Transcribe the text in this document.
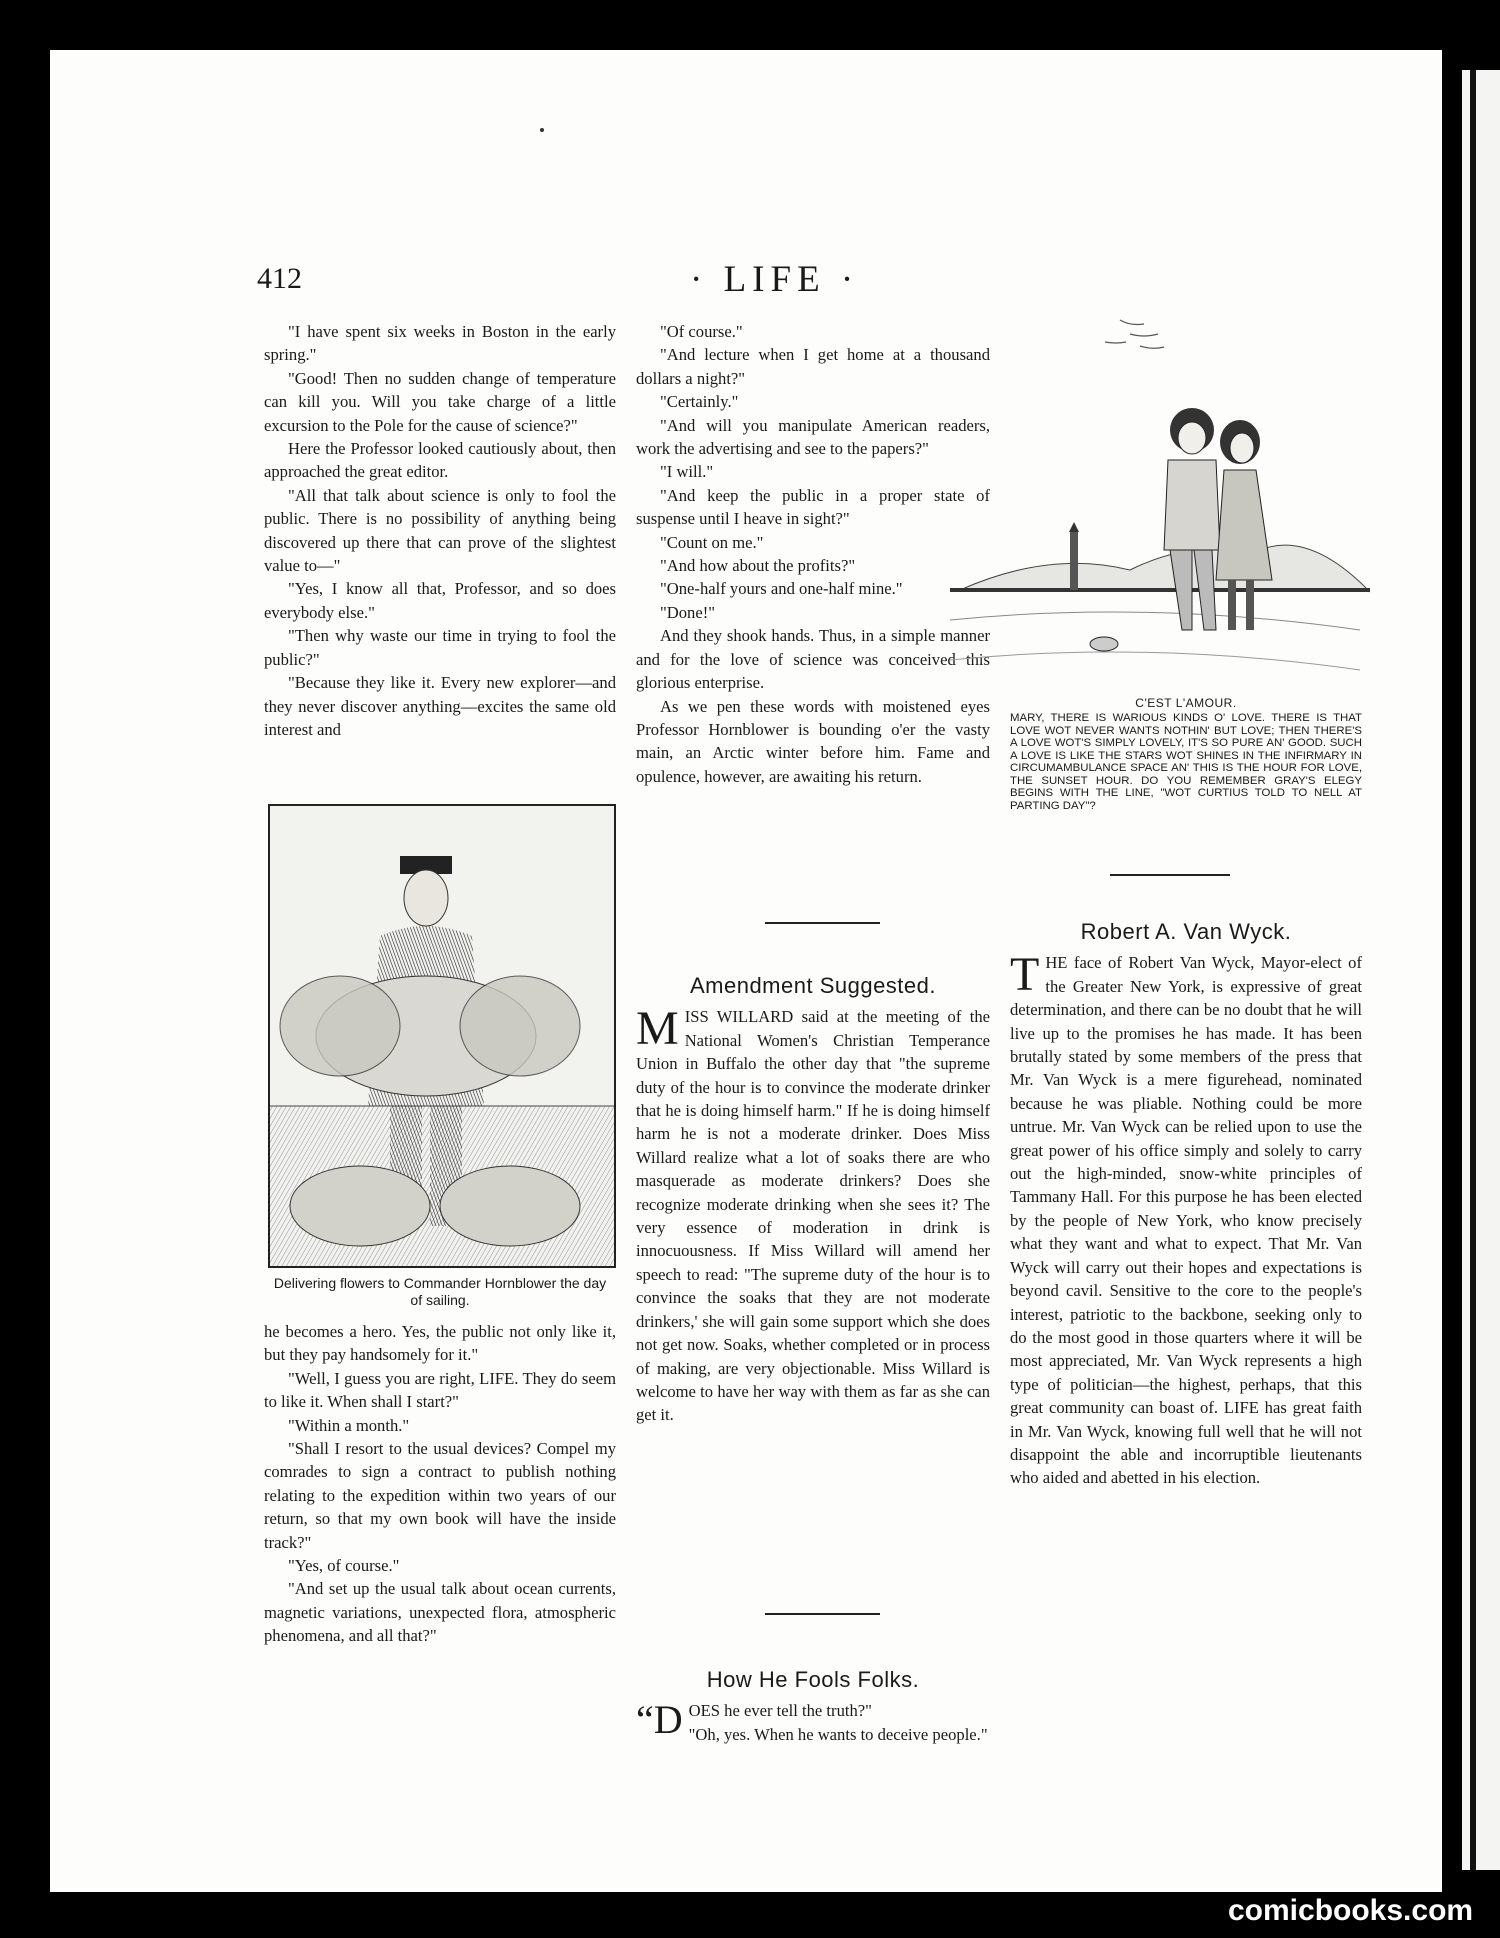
412	· LIFE ·

"I have spent six weeks in Boston in the early spring."

"Good! Then no sudden change of temperature can kill you. Will you take charge of a little excursion to the Pole for the cause of science?"

Here the Professor looked cautiously about, then approached the great editor.

"All that talk about science is only to fool the public. There is no possibility of anything being discovered up there that can prove of the slightest value to—"

"Yes, I know all that, Professor, and so does everybody else."

"Then why waste our time in trying to fool the public?"

"Because they like it. Every new explorer—and they never discover anything—excites the same old interest and

Delivering flowers to Commander Hornblower the day of sailing.

he becomes a hero. Yes, the public not only like it, but they pay handsomely for it."

"Well, I guess you are right, LIFE. They do seem to like it. When shall I start?"

"Within a month."

"Shall I resort to the usual devices? Compel my comrades to sign a contract to publish nothing relating to the expedition within two years of our return, so that my own book will have the inside track?"

"Yes, of course."

"And set up the usual talk about ocean currents, magnetic variations, unexpected flora, atmospheric phenomena, and all that?"

"Of course."

"And lecture when I get home at a thousand dollars a night?"

"Certainly."

"And will you manipulate American readers, work the advertising and see to the papers?"

"I will."

"And keep the public in a proper state of suspense until I heave in sight?"

"Count on me."

"And how about the profits?"

"One-half yours and one-half mine."

"Done!"

And they shook hands. Thus, in a simple manner and for the love of science was conceived this glorious enterprise.

As we pen these words with moistened eyes Professor Hornblower is bounding o'er the vasty main, an Arctic winter before him. Fame and opulence, however, are awaiting his return.

Amendment Suggested.

MISS WILLARD said at the meeting of the National Women's Christian Temperance Union in Buffalo the other day that "the supreme duty of the hour is to convince the moderate drinker that he is doing himself harm." If he is doing himself harm he is not a moderate drinker. Does Miss Willard realize what a lot of soaks there are who masquerade as moderate drinkers? Does she recognize moderate drinking when she sees it? The very essence of moderation in drink is innocuousness. If Miss Willard will amend her speech to read: "The supreme duty of the hour is to convince the soaks that they are not moderate drinkers,' she will gain some support which she does not get now. Soaks, whether completed or in process of making, are very objectionable. Miss Willard is welcome to have her way with them as far as she can get it.

How He Fools Folks.

“D OES he ever tell the truth?"
"Oh, yes. When he wants to deceive people."

C'EST L'AMOUR.
MARY, THERE IS WARIOUS KINDS O' LOVE. THERE IS THAT LOVE WOT NEVER WANTS NOTHIN' BUT LOVE; THEN THERE'S A LOVE WOT'S SIMPLY LOVELY, IT'S SO PURE AN' GOOD. SUCH A LOVE IS LIKE THE STARS WOT SHINES IN THE INFIRMARY IN CIRCUMAMBULANCE SPACE AN' THIS IS THE HOUR FOR LOVE, THE SUNSET HOUR. DO YOU REMEMBER GRAY'S ELEGY BEGINS WITH THE LINE, "WOT CURTIUS TOLD TO NELL AT PARTING DAY"?
Robert A. Van Wyck.

THE face of Robert Van Wyck, Mayor-elect of the Greater New York, is expressive of great determination, and there can be no doubt that he will live up to the promises he has made. It has been brutally stated by some members of the press that Mr. Van Wyck is a mere figurehead, nominated because he was pliable. Nothing could be more untrue. Mr. Van Wyck can be relied upon to use the great power of his office simply and solely to carry out the high-minded, snow-white principles of Tammany Hall. For this purpose he has been elected by the people of New York, who know precisely what they want and what to expect. That Mr. Van Wyck will carry out their hopes and expectations is beyond cavil. Sensitive to the core to the people's interest, patriotic to the backbone, seeking only to do the most good in those quarters where it will be most appreciated, Mr. Van Wyck represents a high type of politician—the highest, perhaps, that this great community can boast of. LIFE has great faith in Mr. Van Wyck, knowing full well that he will not disappoint the able and incorruptible lieutenants who aided and abetted in his election.

comicbooks.com
